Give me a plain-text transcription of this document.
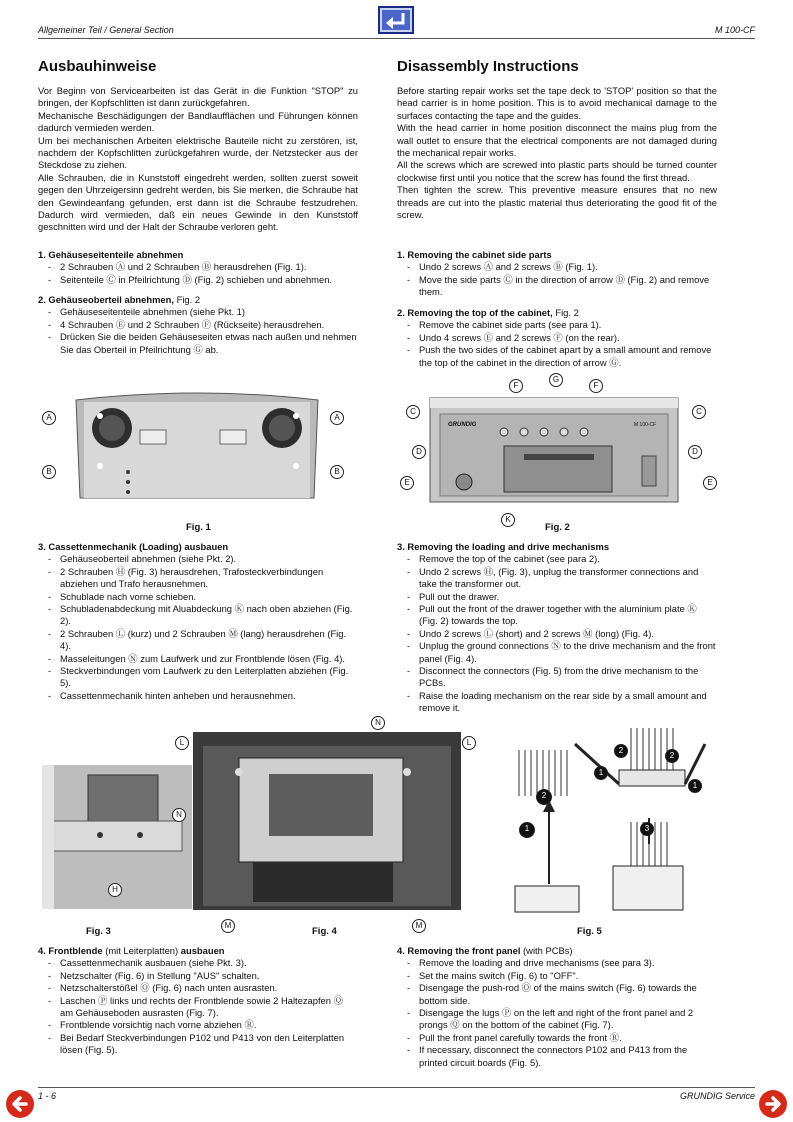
Allgemeiner Teil / General Section	M 100-CF
Ausbauhinweise

Vor Beginn von Servicearbeiten ist das Gerät in die Funktion "STOP" zu bringen, der Kopfschlitten ist dann zurückgefahren.

Mechanische Beschädigungen der Bandlaufflächen und Führungen können dadurch vermieden werden.

Um bei mechanischen Arbeiten elektrische Bauteile nicht zu zerstören, ist, nachdem der Kopfschlitten zurückgefahren wurde, der Netzstecker aus der Steckdose zu ziehen.

Alle Schrauben, die in Kunststoff eingedreht werden, sollten zuerst soweit gegen den Uhrzeigersinn gedreht werden, bis Sie merken, die Schraube hat den Gewindeanfang gefunden, erst dann ist die Schraube festzudrehen. Dadurch wird vermieden, daß ein neues Gewinde in den Kunststoff geschnitten wird und der Halt der Schraube verloren geht.

1. Gehäuseseitenteile abnehmen
- 2 Schrauben Ⓐ und 2 Schrauben Ⓑ herausdrehen (Fig. 1).
- Seitenteile Ⓒ in Pfeilrichtung Ⓓ (Fig. 2) schieben und abnehmen.
2. Gehäuseoberteil abnehmen, Fig. 2
- Gehäuseseitenteile abnehmen (siehe Pkt. 1)
- 4 Schrauben Ⓔ und 2 Schrauben Ⓕ (Rückseite) herausdrehen.
- Drücken Sie die beiden Gehäuseseiten etwas nach außen und nehmen Sie das Oberteil in Pfeilrichtung Ⓖ ab.
A	A
B	B
Fig. 1
3. Cassettenmechanik (Loading) ausbauen
- Gehäuseoberteil abnehmen (siehe Pkt. 2).
- 2 Schrauben Ⓗ (Fig. 3) herausdrehen, Trafosteckverbindungen abziehen und Trafo herausnehmen.
- Schublade nach vorne schieben.
- Schubladenabdeckung mit Aluabdeckung Ⓚ nach oben abziehen (Fig. 2).
- 2 Schrauben Ⓛ (kurz) und 2 Schrauben Ⓜ (lang) herausdrehen (Fig. 4).
- Masseleitungen Ⓝ zum Laufwerk und zur Frontblende lösen (Fig. 4).
- Steckverbindungen vom Laufwerk zu den Leiterplatten abziehen (Fig. 5).
- Cassettenmechanik hinten anheben und herausnehmen.
Disassembly Instructions

Before starting repair works set the tape deck to 'STOP' position so that the head carrier is in home position. This is to avoid mechanical damage to the surfaces contacting the tape and the guides.

With the head carrier in home position disconnect the mains plug from the wall outlet to ensure that the electrical components are not damaged during the mechanical repair works.

All the screws which are screwed into plastic parts should be turned counter clockwise first until you notice that the screw has found the first thread.

Then tighten the screw. This preventive measure ensures that no new threads are cut into the plastic material thus deteriorating the good fit of the screw.

1. Removing the cabinet side parts
- Undo 2 screws Ⓐ and 2 screws Ⓑ (Fig. 1).
- Move the side parts Ⓒ in the direction of arrow Ⓓ (Fig. 2) and remove them.
2. Removing the top of the cabinet, Fig. 2
- Remove the cabinet side parts (see para 1).
- Undo 4 screws Ⓔ and 2 screws Ⓕ (on the rear).
- Push the two sides of the cabinet apart by a small amount and remove the top of the cabinet in the direction of arrow Ⓖ.
GRUNDIG	M 100-CF
F
G
F
C	C
D	D
E	E
K
Fig. 2
3. Removing the loading and drive mechanisms
- Remove the top of the cabinet (see para 2).
- Undo 2 screws Ⓗ, (Fig. 3), unplug the transformer connections and take the transformer out.
- Pull out the drawer.
- Pull out the front of the drawer together with the aluminium plate Ⓚ (Fig. 2) towards the top.
- Undo 2 screws Ⓛ (short) and 2 screws Ⓜ (long) (Fig. 4).
- Unplug the ground connections Ⓝ to the drive mechanism and the front panel (Fig. 4).
- Disconnect the connectors (Fig. 5) from the drive mechanism to the PCBs.
- Raise the loading mechanism on the rear side by a small amount and remove it.
H
Fig. 3
N
L	L
N
M	M
Fig. 4
2
2
1
1
2
1	3
Fig. 5
4. Frontblende (mit Leiterplatten) ausbauen
- Cassettenmechanik ausbauen (siehe Pkt. 3).
- Netzschalter (Fig. 6) in Stellung "AUS" schalten.
- Netzschalterstößel Ⓞ (Fig. 6) nach unten ausrasten.
- Laschen Ⓟ links und rechts der Frontblende sowie 2 Haltezapfen Ⓠ am Gehäuseboden ausrasten (Fig. 7).
- Frontblende vorsichtig nach vorne abziehen Ⓡ.
- Bei Bedarf Steckverbindungen P102 und P413 von den Leiterplatten lösen (Fig. 5).
4. Removing the front panel (with PCBs)
- Remove the loading and drive mechanisms (see para 3).
- Set the mains switch (Fig. 6) to "OFF".
- Disengage the push-rod Ⓞ of the mains switch (Fig. 6) towards the bottom side.
- Disengage the lugs Ⓟ on the left and right of the front panel and 2 prongs Ⓠ on the bottom of the cabinet (Fig. 7).
- Pull the front panel carefully towards the front Ⓡ.
- If necessary, disconnect the connectors P102 and P413 from the printed circuit boards (Fig. 5).
1 - 6	GRUNDIG Service
